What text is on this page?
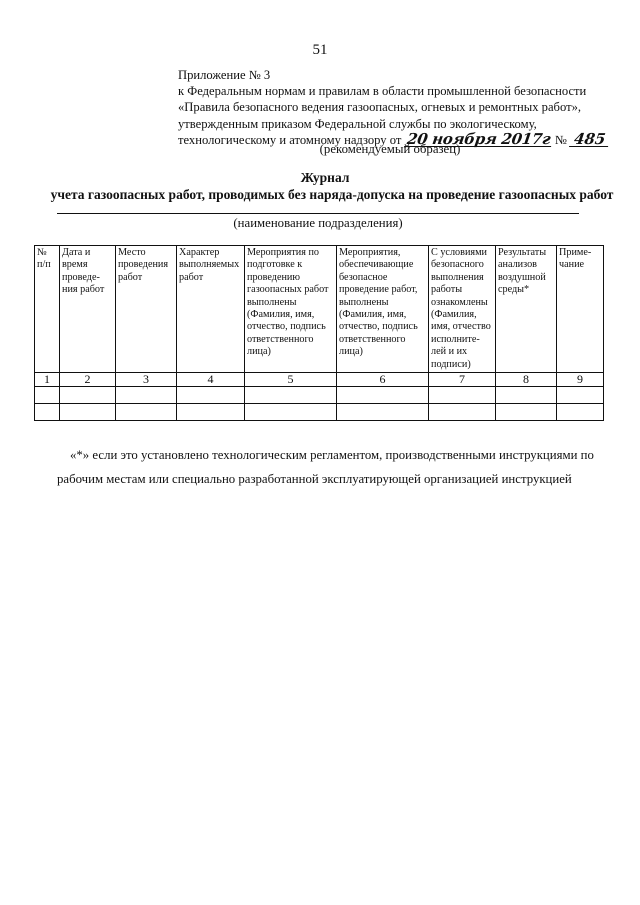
51
Приложение № 3
к Федеральным нормам и правилам в области промышленной безопасности
«Правила безопасного ведения газоопасных, огневых и ремонтных работ»,
утвержденным приказом Федеральной службы по экологическому,
технологическому и атомному надзору от 20 ноября 2017г № 485
(рекомендуемый образец)
Журнал
учета газоопасных работ, проводимых без наряда-допуска на проведение газоопасных работ
(наименование подразделения)
№ п/п	Дата и время проведе-ния работ	Место проведения работ	Характер выполняемых работ	Мероприятия по подготовке к проведению газоопасных работ выполнены (Фамилия, имя, отчество, подпись ответственного лица)	Мероприятия, обеспечивающие безопасное проведение работ, выполнены (Фамилия, имя, отчество, подпись ответственного лица)	С условиями безопасного выполнения работы ознакомлены (Фамилия, имя, отчество исполните-лей и их подписи)	Результаты анализов воздушной среды*	Приме-чание
1	2	3	4	5	6	7	8	9

«*» если это установлено технологическим регламентом, производственными инструкциями по
рабочим местам или специально разработанной эксплуатирующей организацией инструкцией
